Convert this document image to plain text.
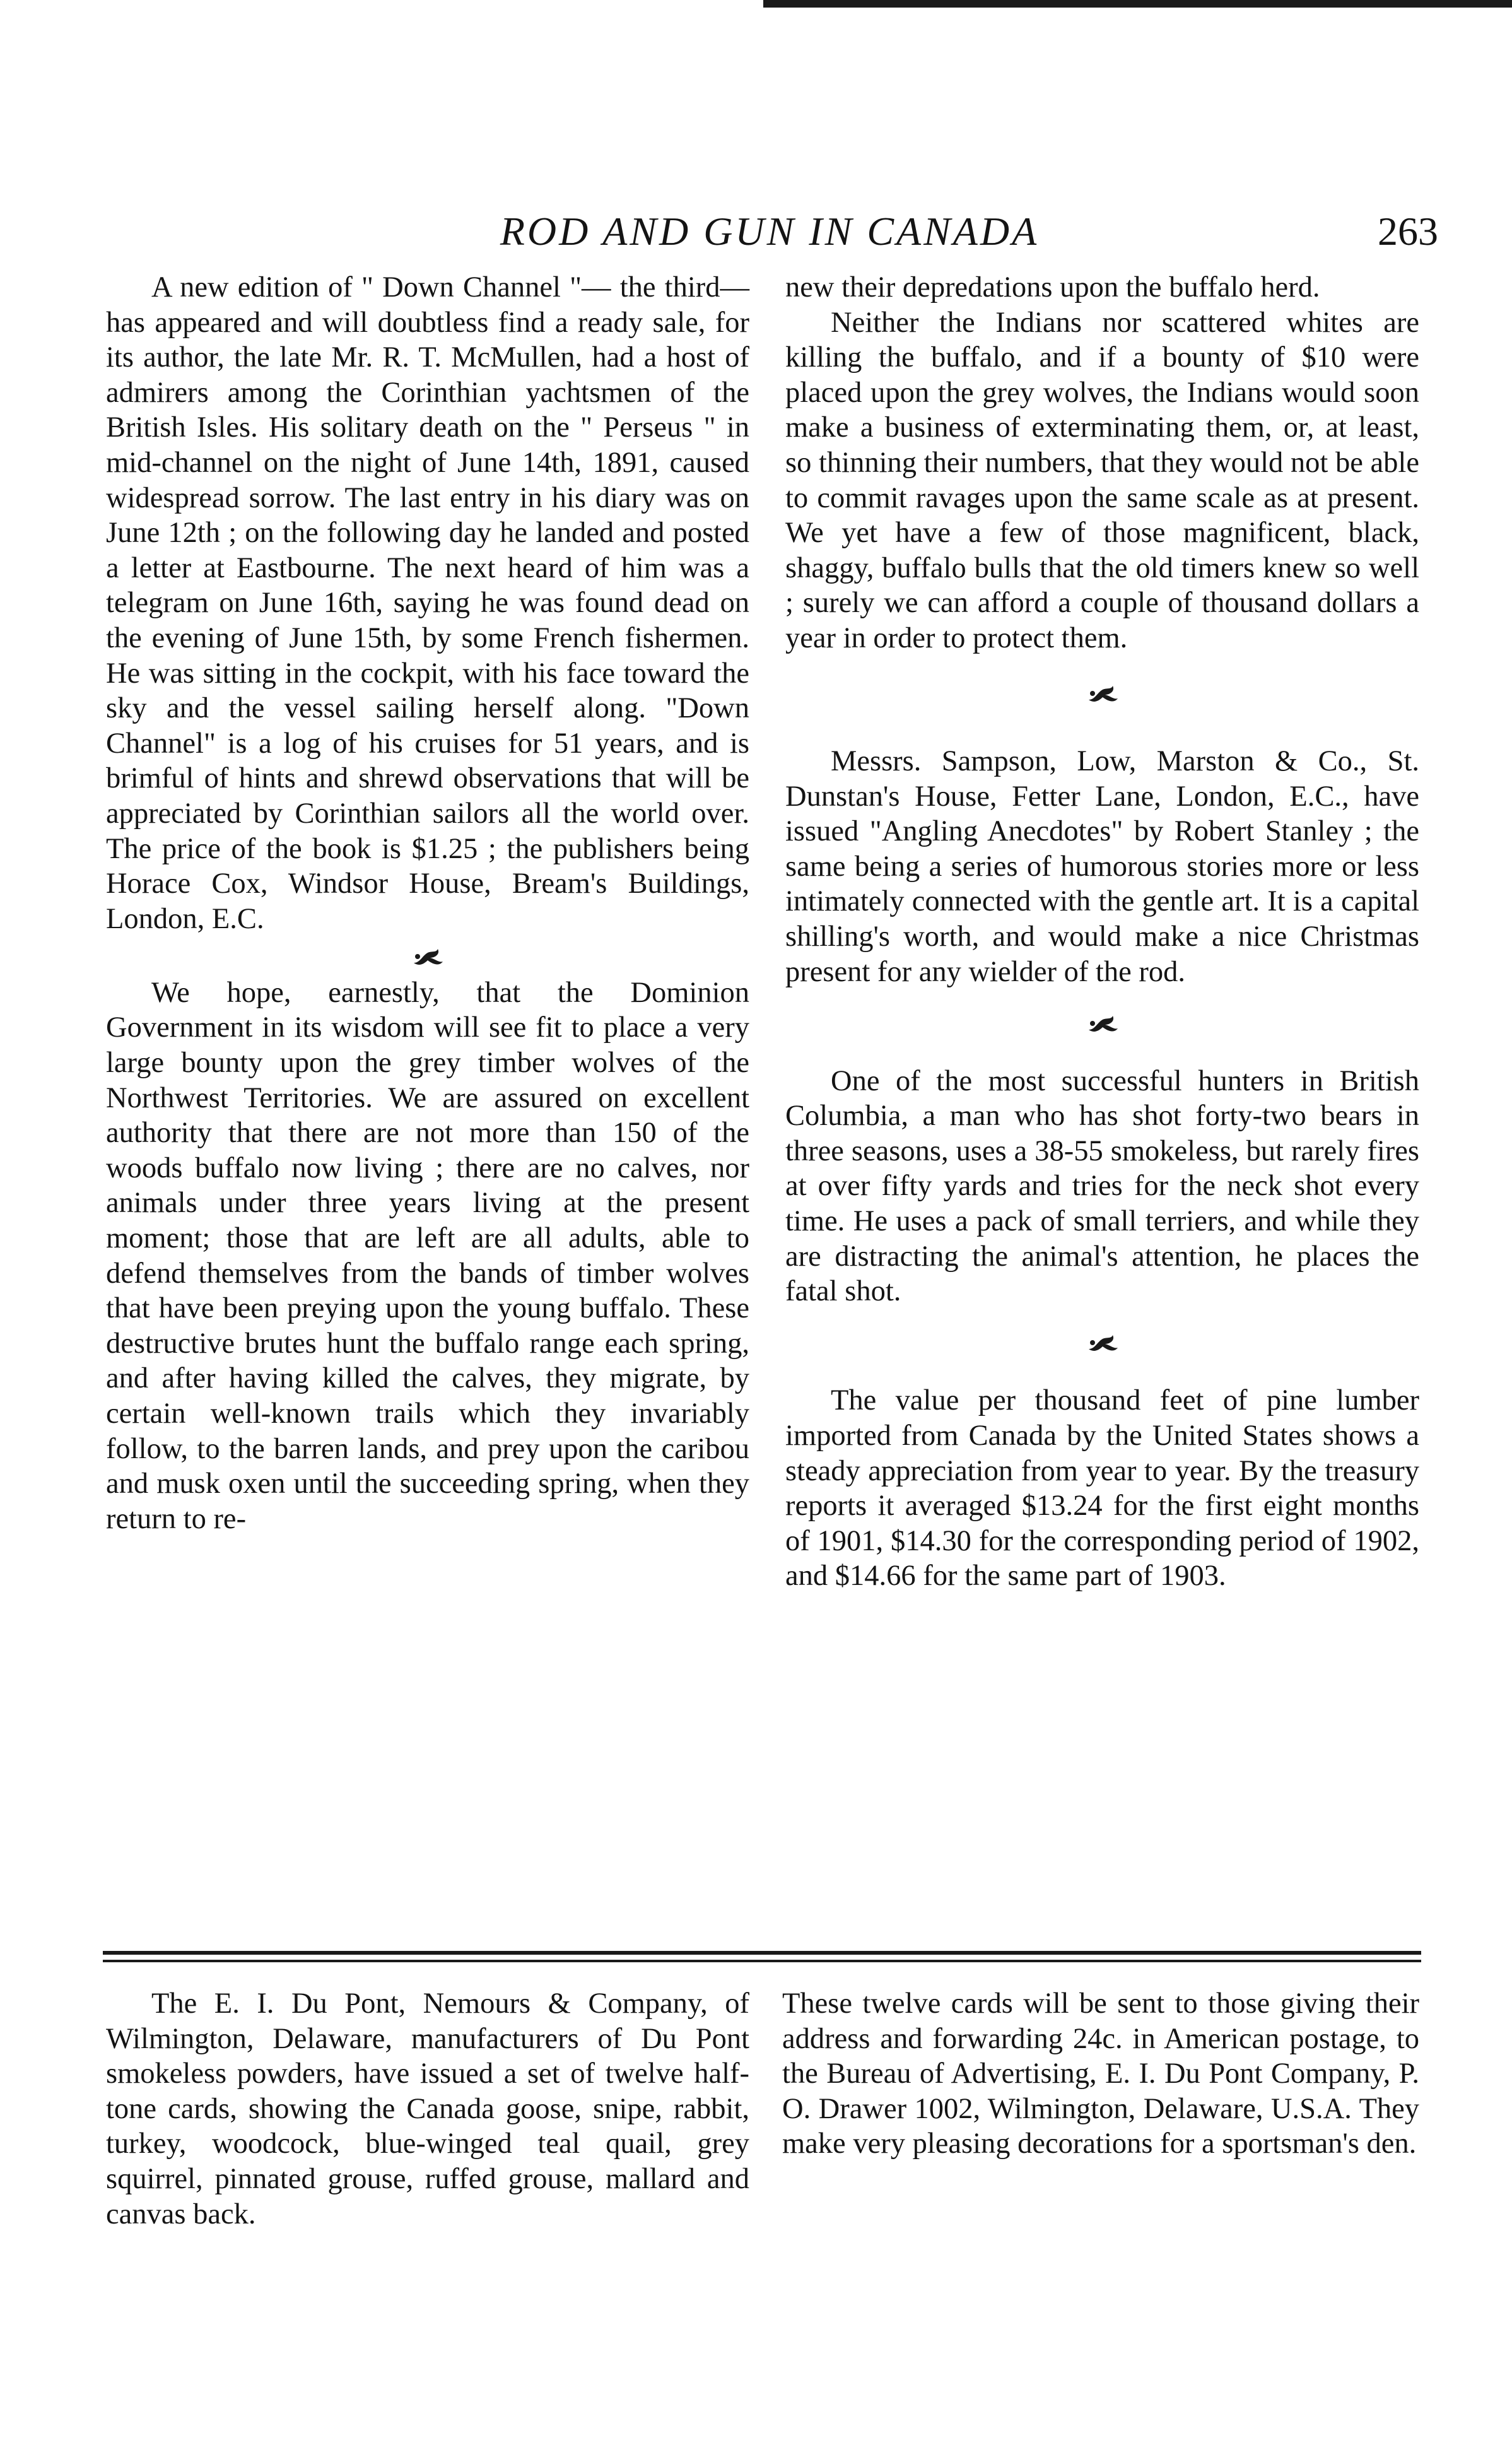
ROD AND GUN IN CANADA	263

A new edition of " Down Channel "— the third—has appeared and will doubtless find a ready sale, for its author, the late Mr. R. T. McMullen, had a host of admirers among the Corinthian yachtsmen of the British Isles. His solitary death on the " Perseus " in mid-channel on the night of June 14th, 1891, caused widespread sorrow. The last entry in his diary was on June 12th ; on the following day he landed and posted a letter at Eastbourne. The next heard of him was a telegram on June 16th, saying he was found dead on the evening of June 15th, by some French fishermen. He was sitting in the cockpit, with his face toward the sky and the vessel sailing herself along. "Down Channel" is a log of his cruises for 51 years, and is brimful of hints and shrewd observations that will be appreciated by Corinthian sailors all the world over. The price of the book is $1.25 ; the publishers being Horace Cox, Windsor House, Bream's Buildings, London, E.C.

We hope, earnestly, that the Dominion Government in its wisdom will see fit to place a very large bounty upon the grey timber wolves of the Northwest Territories. We are assured on excellent authority that there are not more than 150 of the woods buffalo now living ; there are no calves, nor animals under three years living at the present moment; those that are left are all adults, able to defend themselves from the bands of timber wolves that have been preying upon the young buffalo. These destructive brutes hunt the buffalo range each spring, and after having killed the calves, they migrate, by certain well-known trails which they invariably follow, to the barren lands, and prey upon the caribou and musk oxen until the succeeding spring, when they return to re-

new their depredations upon the buffalo herd.

Neither the Indians nor scattered whites are killing the buffalo, and if a bounty of $10 were placed upon the grey wolves, the Indians would soon make a business of exterminating them, or, at least, so thinning their numbers, that they would not be able to commit ravages upon the same scale as at present. We yet have a few of those magnificent, black, shaggy, buffalo bulls that the old timers knew so well ; surely we can afford a couple of thousand dollars a year in order to protect them.

Messrs. Sampson, Low, Marston & Co., St. Dunstan's House, Fetter Lane, London, E.C., have issued "Angling Anecdotes" by Robert Stanley ; the same being a series of humorous stories more or less intimately connected with the gentle art. It is a capital shilling's worth, and would make a nice Christmas present for any wielder of the rod.

One of the most successful hunters in British Columbia, a man who has shot forty-two bears in three seasons, uses a 38-55 smokeless, but rarely fires at over fifty yards and tries for the neck shot every time. He uses a pack of small terriers, and while they are distracting the animal's attention, he places the fatal shot.

The value per thousand feet of pine lumber imported from Canada by the United States shows a steady appreciation from year to year. By the treasury reports it averaged $13.24 for the first eight months of 1901, $14.30 for the corresponding period of 1902, and $14.66 for the same part of 1903.

The E. I. Du Pont, Nemours & Company, of Wilmington, Delaware, manufacturers of Du Pont smokeless powders, have issued a set of twelve half-tone cards, showing the Canada goose, snipe, rabbit, turkey, woodcock, blue-winged teal quail, grey squirrel, pinnated grouse, ruffed grouse, mallard and canvas back.

These twelve cards will be sent to those giving their address and forwarding 24c. in American postage, to the Bureau of Advertising, E. I. Du Pont Company, P. O. Drawer 1002, Wilmington, Delaware, U.S.A. They make very pleasing decorations for a sportsman's den.
